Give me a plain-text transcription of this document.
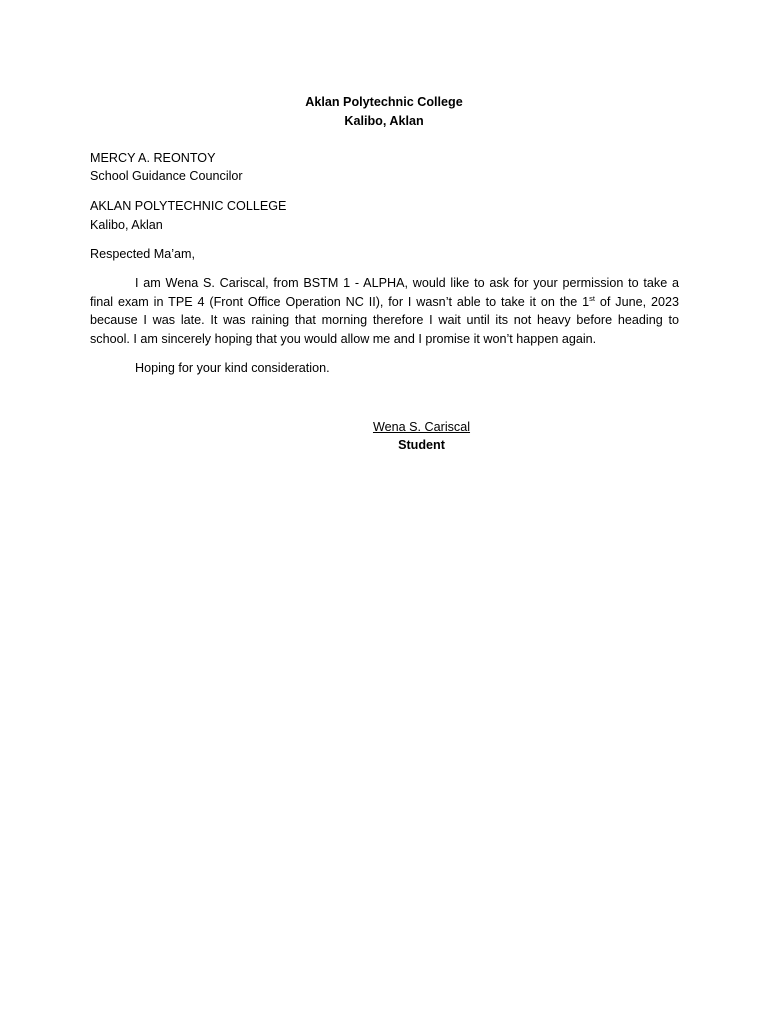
Aklan Polytechnic College
Kalibo, Aklan
MERCY A. REONTOY
School Guidance Councilor
AKLAN POLYTECHNIC COLLEGE
Kalibo, Aklan
Respected Ma’am,
I am Wena S. Cariscal, from BSTM 1 - ALPHA, would like to ask for your permission to take a final exam in TPE 4 (Front Office Operation NC II), for I wasn’t able to take it on the 1st of June, 2023 because I was late. It was raining that morning therefore I wait until its not heavy before heading to school. I am sincerely hoping that you would allow me and I promise it won’t happen again.
Hoping for your kind consideration.
Wena S. Cariscal
Student
